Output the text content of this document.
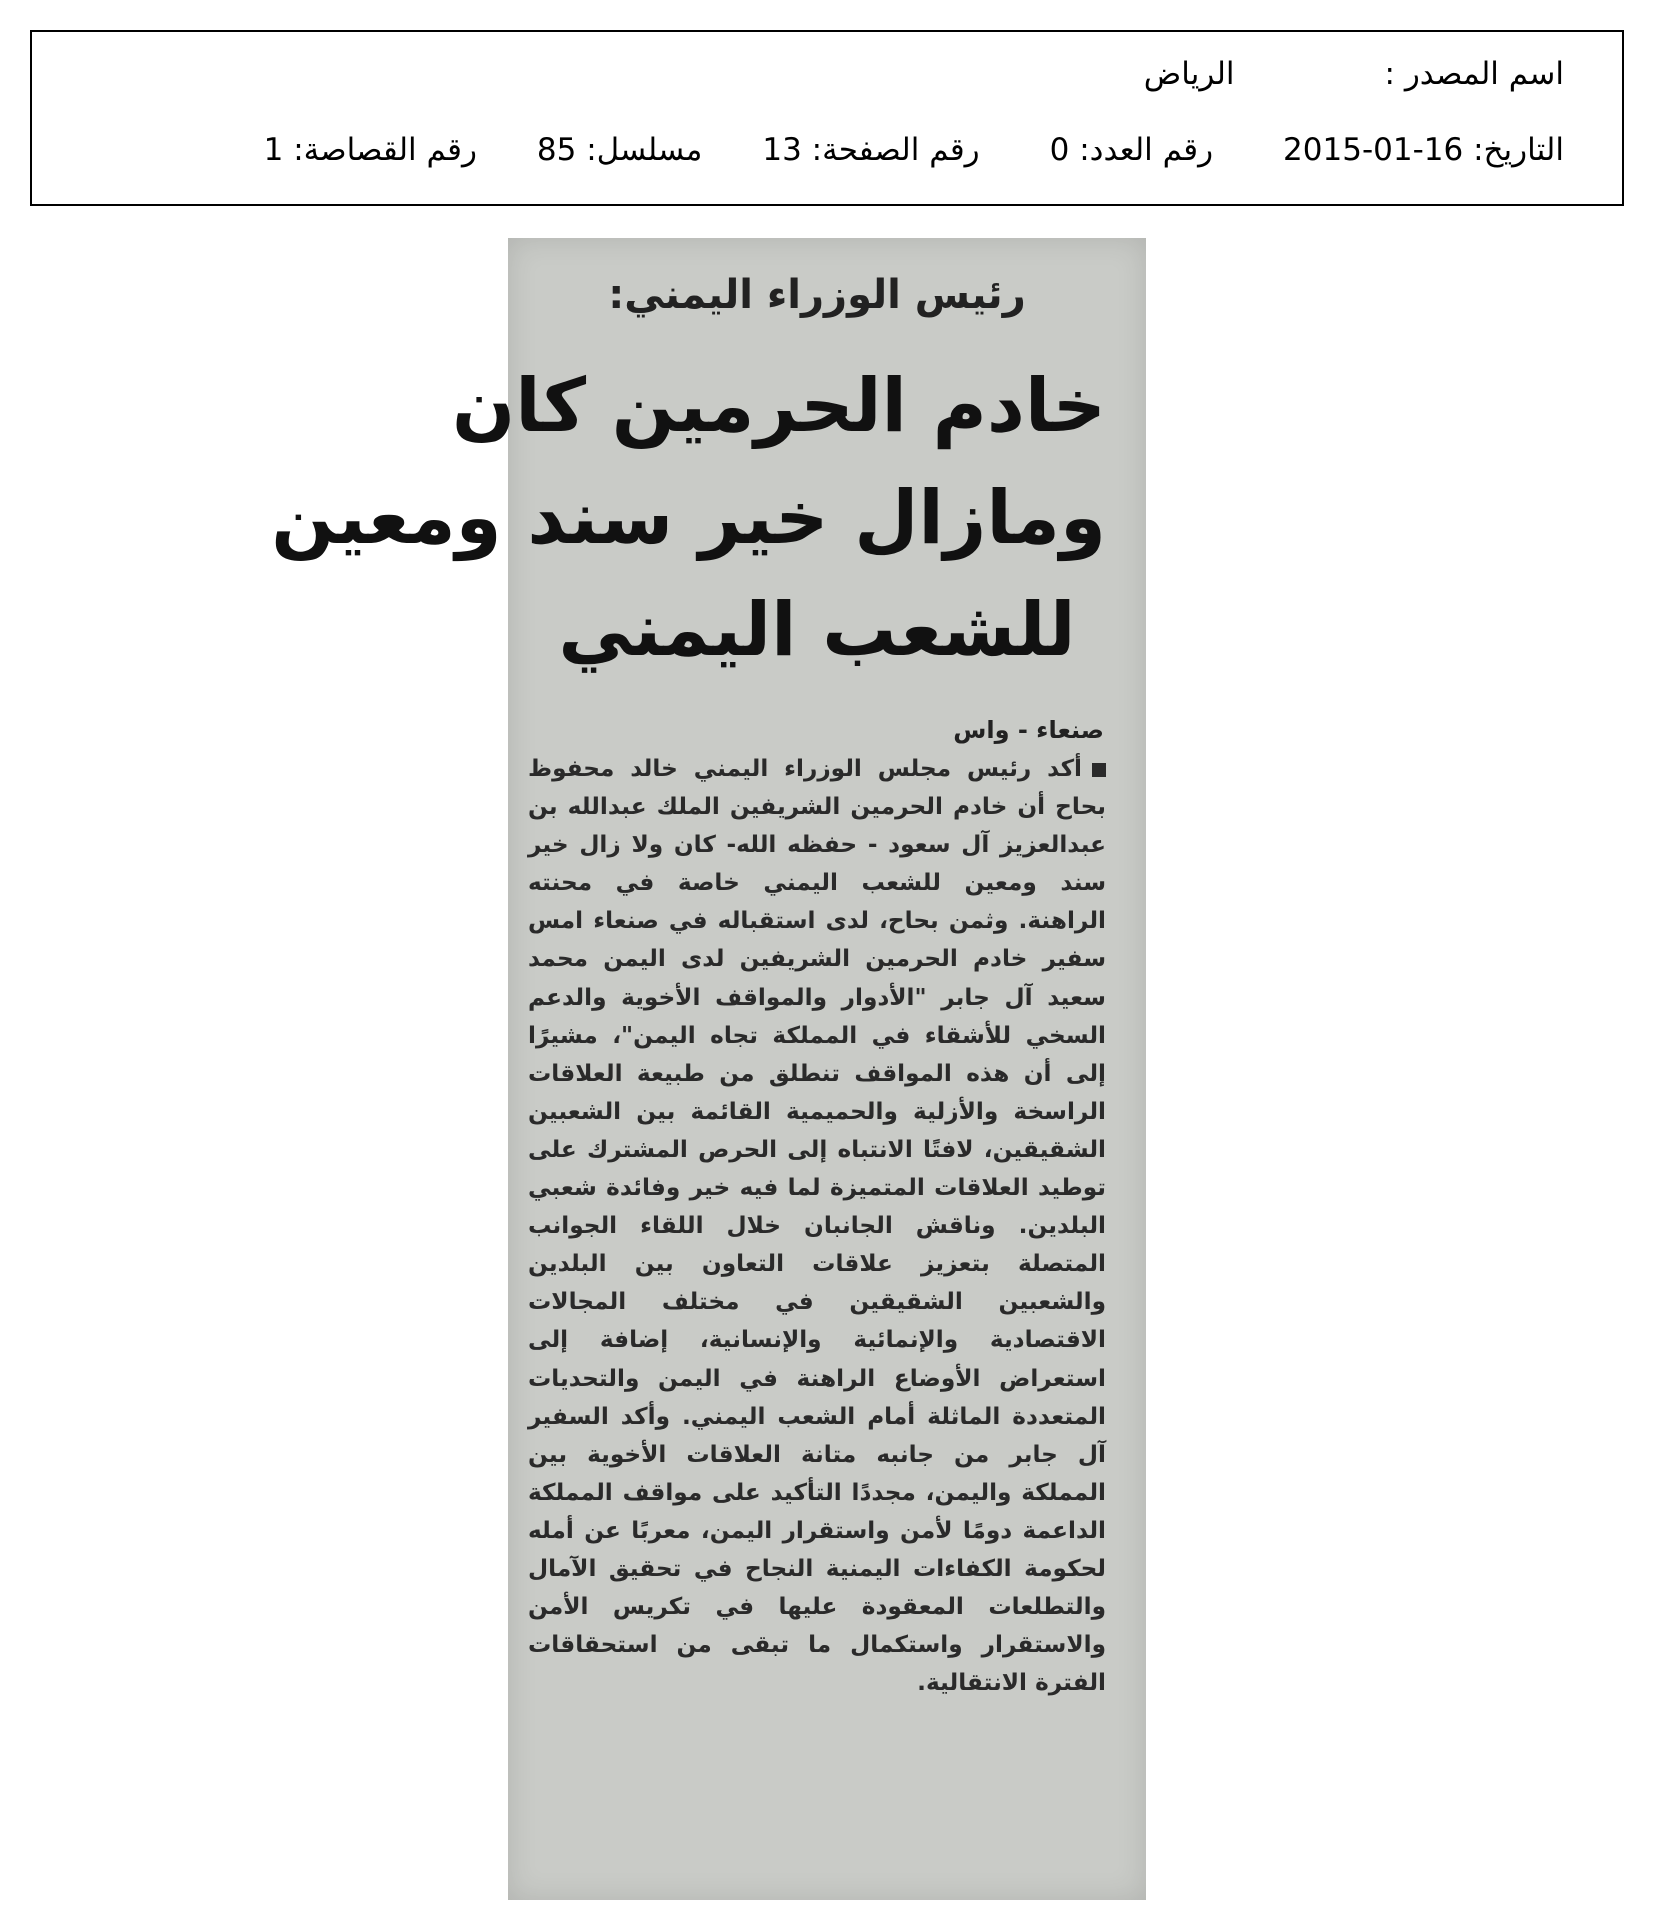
اسم المصدر :الرياض
التاريخ: 2015-01-16رقم العدد: 0رقم الصفحة: 13مسلسل: 85رقم القصاصة: 1
رئيس الوزراء اليمني:
خادم الحرمين كان
ومازال خير سند ومعين
للشعب اليمني
صنعاء - واس
أكد رئيس مجلس الوزراء اليمني خالد محفوظ بحاح أن خادم الحرمين الشريفين الملك عبدالله بن عبدالعزيز آل سعود - حفظه الله- كان ولا زال خير سند ومعين للشعب اليمني خاصة في محنته الراهنة. وثمن بحاح، لدى استقباله في صنعاء امس سفير خادم الحرمين الشريفين لدى اليمن محمد سعيد آل جابر "الأدوار والمواقف الأخوية والدعم السخي للأشقاء في المملكة تجاه اليمن"، مشيرًا إلى أن هذه المواقف تنطلق من طبيعة العلاقات الراسخة والأزلية والحميمية القائمة بين الشعبين الشقيقين، لافتًا الانتباه إلى الحرص المشترك على توطيد العلاقات المتميزة لما فيه خير وفائدة شعبي البلدين. وناقش الجانبان خلال اللقاء الجوانب المتصلة بتعزيز علاقات التعاون بين البلدين والشعبين الشقيقين في مختلف المجالات الاقتصادية والإنمائية والإنسانية، إضافة إلى استعراض الأوضاع الراهنة في اليمن والتحديات المتعددة الماثلة أمام الشعب اليمني. وأكد السفير آل جابر من جانبه متانة العلاقات الأخوية بين المملكة واليمن، مجددًا التأكيد على مواقف المملكة الداعمة دومًا لأمن واستقرار اليمن، معربًا عن أمله لحكومة الكفاءات اليمنية النجاح في تحقيق الآمال والتطلعات المعقودة عليها في تكريس الأمن والاستقرار واستكمال ما تبقى من استحقاقات الفترة الانتقالية.
